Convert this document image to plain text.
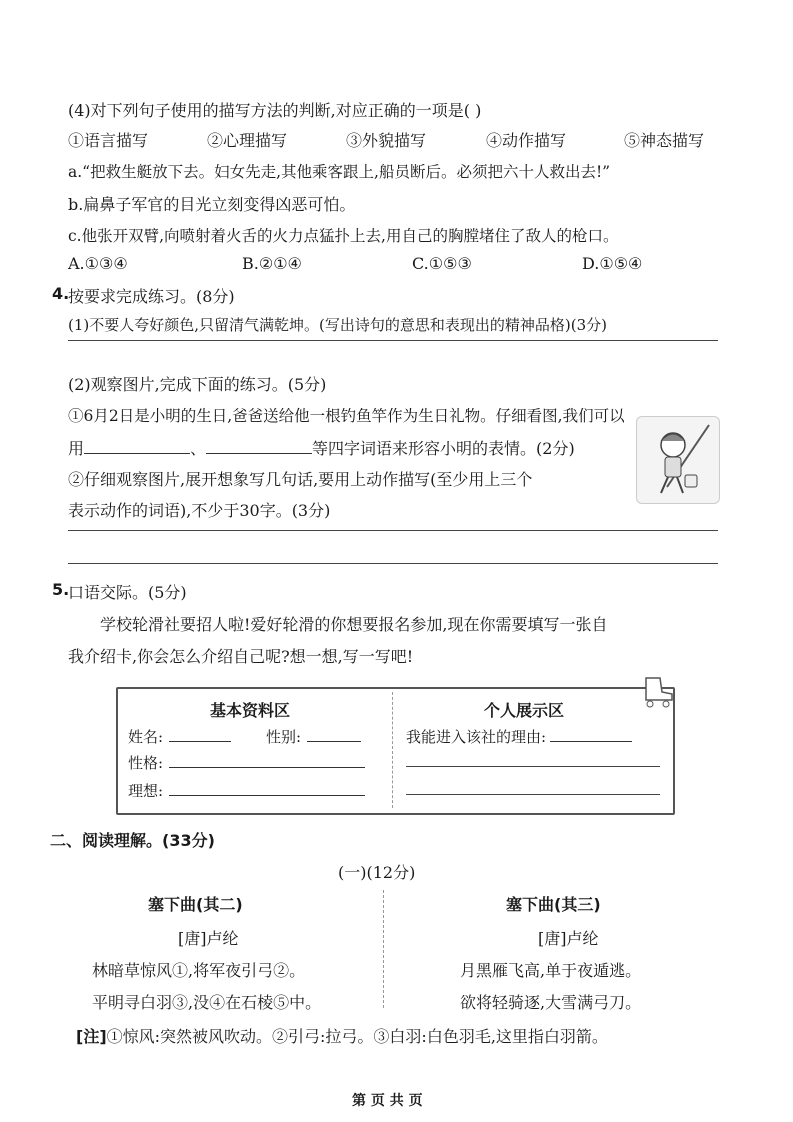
(4)对下列句子使用的描写方法的判断,对应正确的一项是( )
①语言描写	②心理描写	③外貌描写	④动作描写	⑤神态描写
a.“把救生艇放下去。妇女先走,其他乘客跟上,船员断后。必须把六十人救出去!”
b.扁鼻子军官的目光立刻变得凶恶可怕。
c.他张开双臂,向喷射着火舌的火力点猛扑上去,用自己的胸膛堵住了敌人的枪口。
A.①③④	B.②①④	C.①⑤③	D.①⑤④
4.
按要求完成练习。(8分)
(1)不要人夸好颜色,只留清气满乾坤。(写出诗句的意思和表现出的精神品格)(3分)
(2)观察图片,完成下面的练习。(5分)
①6月2日是小明的生日,爸爸送给他一根钓鱼竿作为生日礼物。仔细看图,我们可以
用	、	等四字词语来形容小明的表情。(2分)
②仔细观察图片,展开想象写几句话,要用上动作描写(至少用上三个
表示动作的词语),不少于30字。(3分)
5.
口语交际。(5分)
学校轮滑社要招人啦!爱好轮滑的你想要报名参加,现在你需要填写一张自
我介绍卡,你会怎么介绍自己呢?想一想,写一写吧!
基本资料区	个人展示区
姓名:	性别:
性格:
理想:
我能进入该社的理由:
二、阅读理解。(33分)
(一)(12分)
塞下曲(其二)
[唐]卢纶
林暗草惊风①,将军夜引弓②。
平明寻白羽③,没④在石棱⑤中。
塞下曲(其三)
[唐]卢纶
月黑雁飞高,单于夜遁逃。
欲将轻骑逐,大雪满弓刀。
[注]①惊风:突然被风吹动。②引弓:拉弓。③白羽:白色羽毛,这里指白羽箭。
第 页 共 页
